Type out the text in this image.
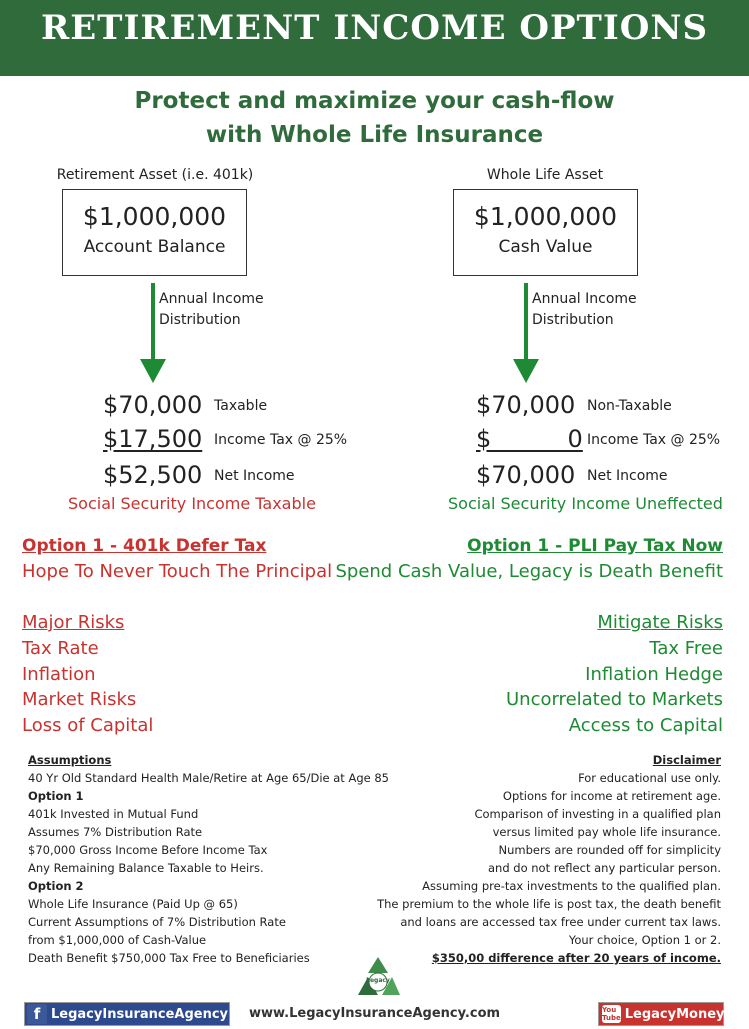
RETIREMENT INCOME OPTIONS
Protect and maximize your cash-flow
with Whole Life Insurance
Retirement Asset (i.e. 401k)
$1,000,000
Account Balance
Annual Income
Distribution
$70,000 Taxable
$17,500 Income Tax @ 25%
$52,500 Net Income
Social Security Income Taxable
Whole Life Asset
$1,000,000
Cash Value
Annual Income
Distribution
$70,000 Non-Taxable
$          0 Income Tax @ 25%
$70,000 Net Income
Social Security Income Uneffected
Option 1 - 401k Defer Tax
Hope To Never Touch The Principal
Option 1 - PLI Pay Tax Now
Spend Cash Value, Legacy is Death Benefit
Major Risks
Tax Rate
Inflation
Market Risks
Loss of Capital
Mitigate Risks
Tax Free
Inflation Hedge
Uncorrelated to Markets
Access to Capital
Assumptions
40 Yr Old Standard Health Male/Retire at Age 65/Die at Age 85
Option 1
401k Invested in Mutual Fund
Assumes 7% Distribution Rate
$70,000 Gross Income Before Income Tax
Any Remaining Balance Taxable to Heirs.
Option 2
Whole Life Insurance (Paid Up @ 65)
Current Assumptions of 7% Distribution Rate
from $1,000,000 of Cash-Value
Death Benefit $750,000 Tax Free to Beneficiaries
Disclaimer
For educational use only.
Options for income at retirement age.
Comparison of investing in a qualified plan
versus limited pay whole life insurance.
Numbers are rounded off for simplicity
and do not reflect any particular person.
Assuming pre-tax investments to the qualified plan.
The premium to the whole life is post tax, the death benefit
and loans are accessed tax free under current tax laws.
Your choice, Option 1 or 2.
$350,00 difference after 20 years of income.
Legacy
f LegacyInsuranceAgency	www.LegacyInsuranceAgency.com	You Tube LegacyMoney
